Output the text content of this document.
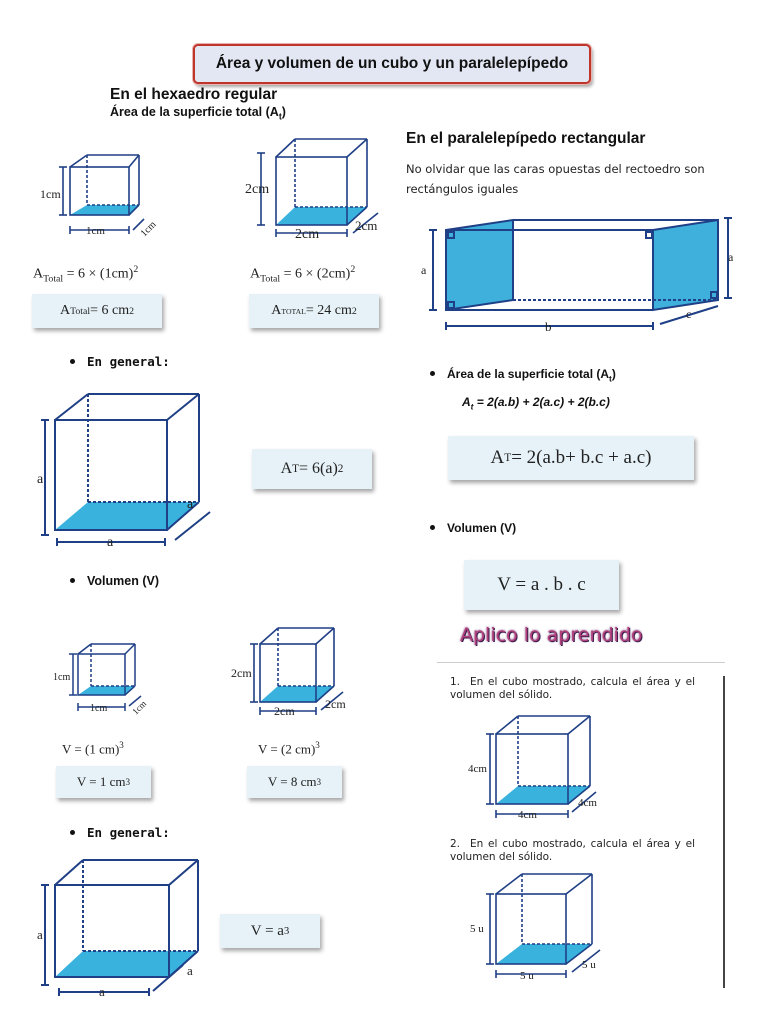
Área y volumen de un cubo y un paralelepípedo
En el hexaedro regular
Área de la superficie total $(A_t)$
1cm
1cm	1cm
2cm
2cm
2cm
$A_{Total} = 6 \times (1cm)^2$	$A_{Total} = 6 \times (2cm)^2$
A Total = 6 cm 2	A TOTAL = 24 cm 2
En general:
a
a
a
A T = 6(a) 2
Volumen (V)
1cm
1cm	1cm
2cm
2cm	2cm
V = (1 cm)$^3$	V = (2 cm)$^3$
V = 1 cm 3	V = 8 cm 3
En general:
a
a
a
V = a 3
En el paralelepípedo rectangular
No olvidar que las caras opuestas del rectoedro son rectángulos iguales
a
a
b
c
Área de la superficie total $(A_t)$
$A_t = 2(a.b) + 2(a.c) + 2(b.c)$
A T = 2(a.b+ b.c + a.c)
Volumen (V)
V = a . b . c
Aplico lo aprendido
1. En el cubo mostrado, calcula el área y el volumen del sólido.
4cm
4cm
4cm
2. En el cubo mostrado, calcula el área y el volumen del sólido.
5 u
5 u
5 u
